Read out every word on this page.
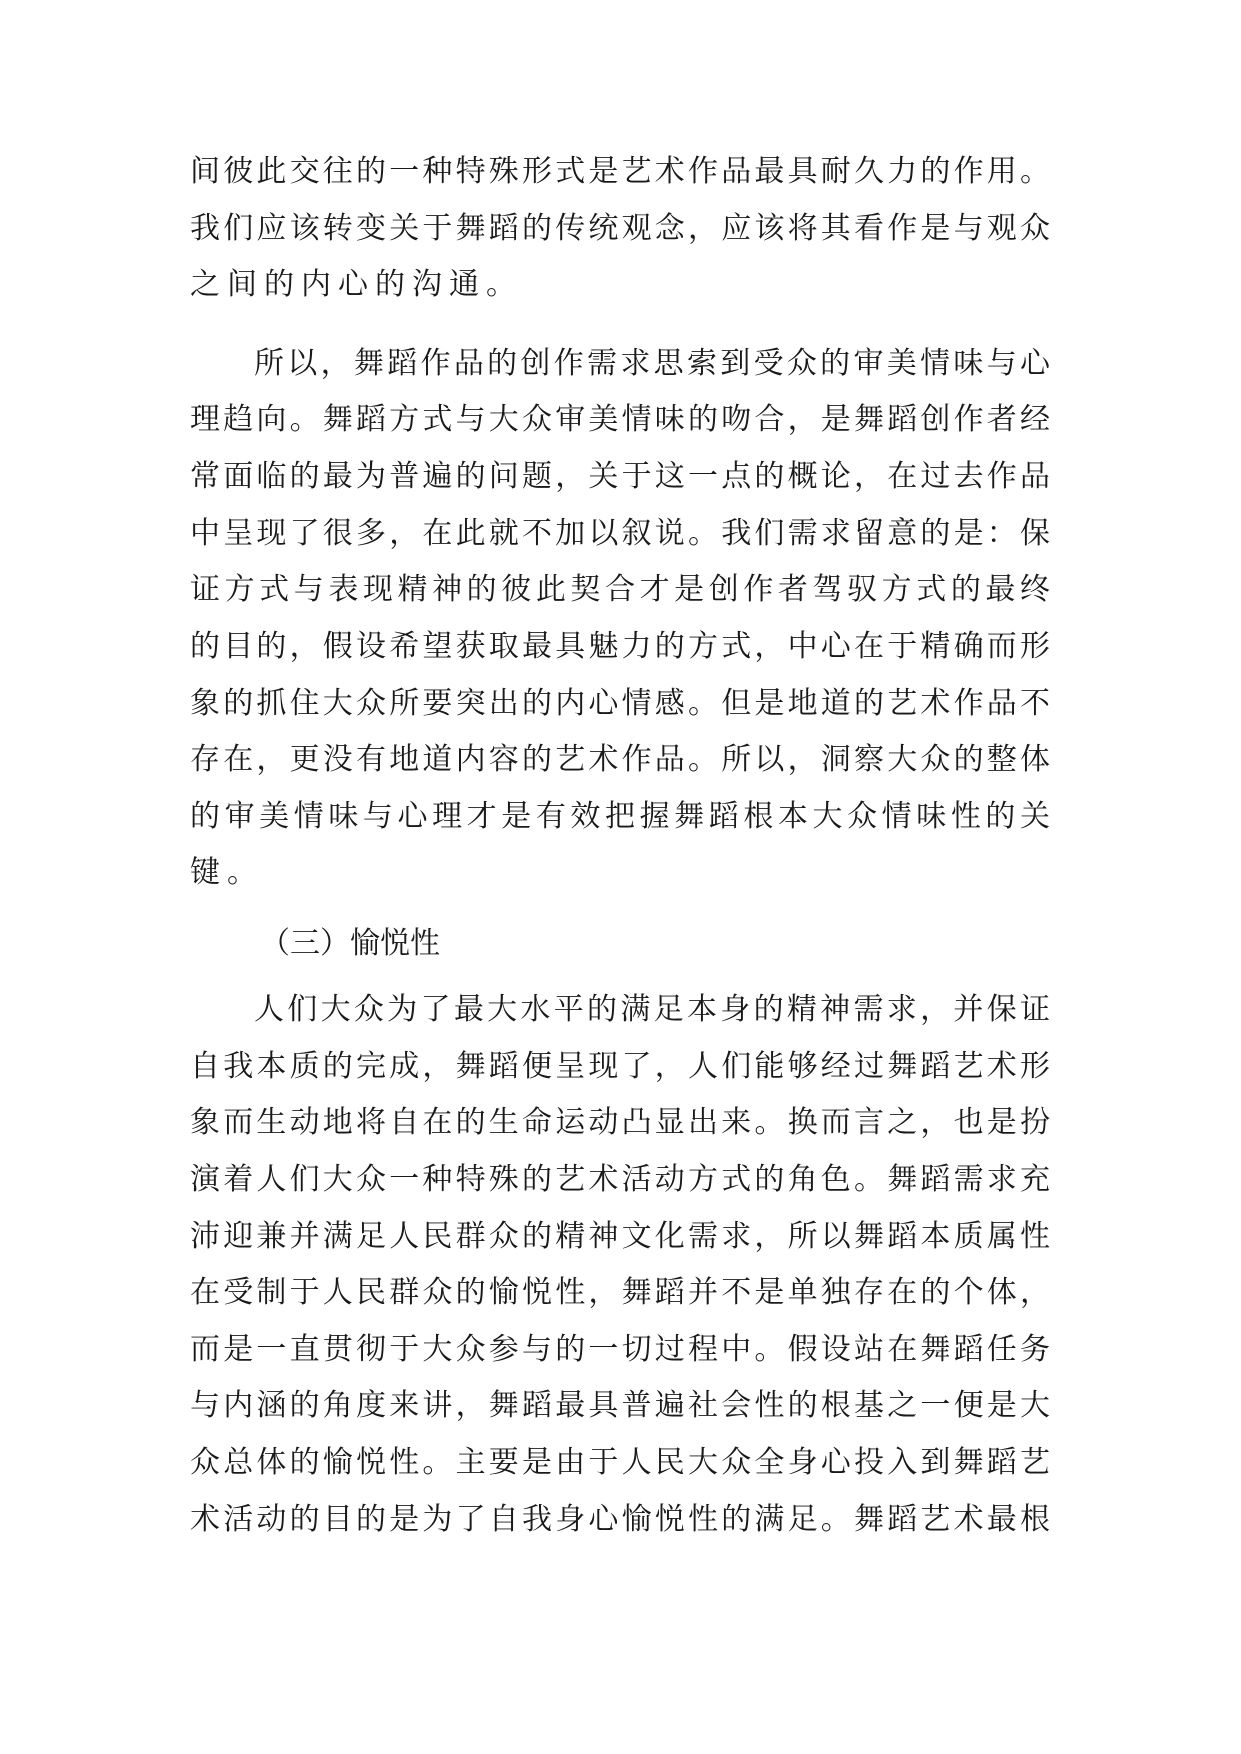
间彼此交往的一种特殊形式是艺术作品最具耐久力的作用。
我们应该转变关于舞蹈的传统观念，应该将其看作是与观众
之间的内心的沟通。
所以，舞蹈作品的创作需求思索到受众的审美情味与心
理趋向。舞蹈方式与大众审美情味的吻合，是舞蹈创作者经
常面临的最为普遍的问题，关于这一点的概论，在过去作品
中呈现了很多，在此就不加以叙说。我们需求留意的是：保
证方式与表现精神的彼此契合才是创作者驾驭方式的最终
的目的，假设希望获取最具魅力的方式，中心在于精确而形
象的抓住大众所要突出的内心情感。但是地道的艺术作品不
存在，更没有地道内容的艺术作品。所以，洞察大众的整体
的审美情味与心理才是有效把握舞蹈根本大众情味性的关
键。
（三）愉悦性
人们大众为了最大水平的满足本身的精神需求，并保证
自我本质的完成，舞蹈便呈现了，人们能够经过舞蹈艺术形
象而生动地将自在的生命运动凸显出来。换而言之，也是扮
演着人们大众一种特殊的艺术活动方式的角色。舞蹈需求充
沛迎兼并满足人民群众的精神文化需求，所以舞蹈本质属性
在受制于人民群众的愉悦性，舞蹈并不是单独存在的个体，
而是一直贯彻于大众参与的一切过程中。假设站在舞蹈任务
与内涵的角度来讲，舞蹈最具普遍社会性的根基之一便是大
众总体的愉悦性。主要是由于人民大众全身心投入到舞蹈艺
术活动的目的是为了自我身心愉悦性的满足。舞蹈艺术最根
